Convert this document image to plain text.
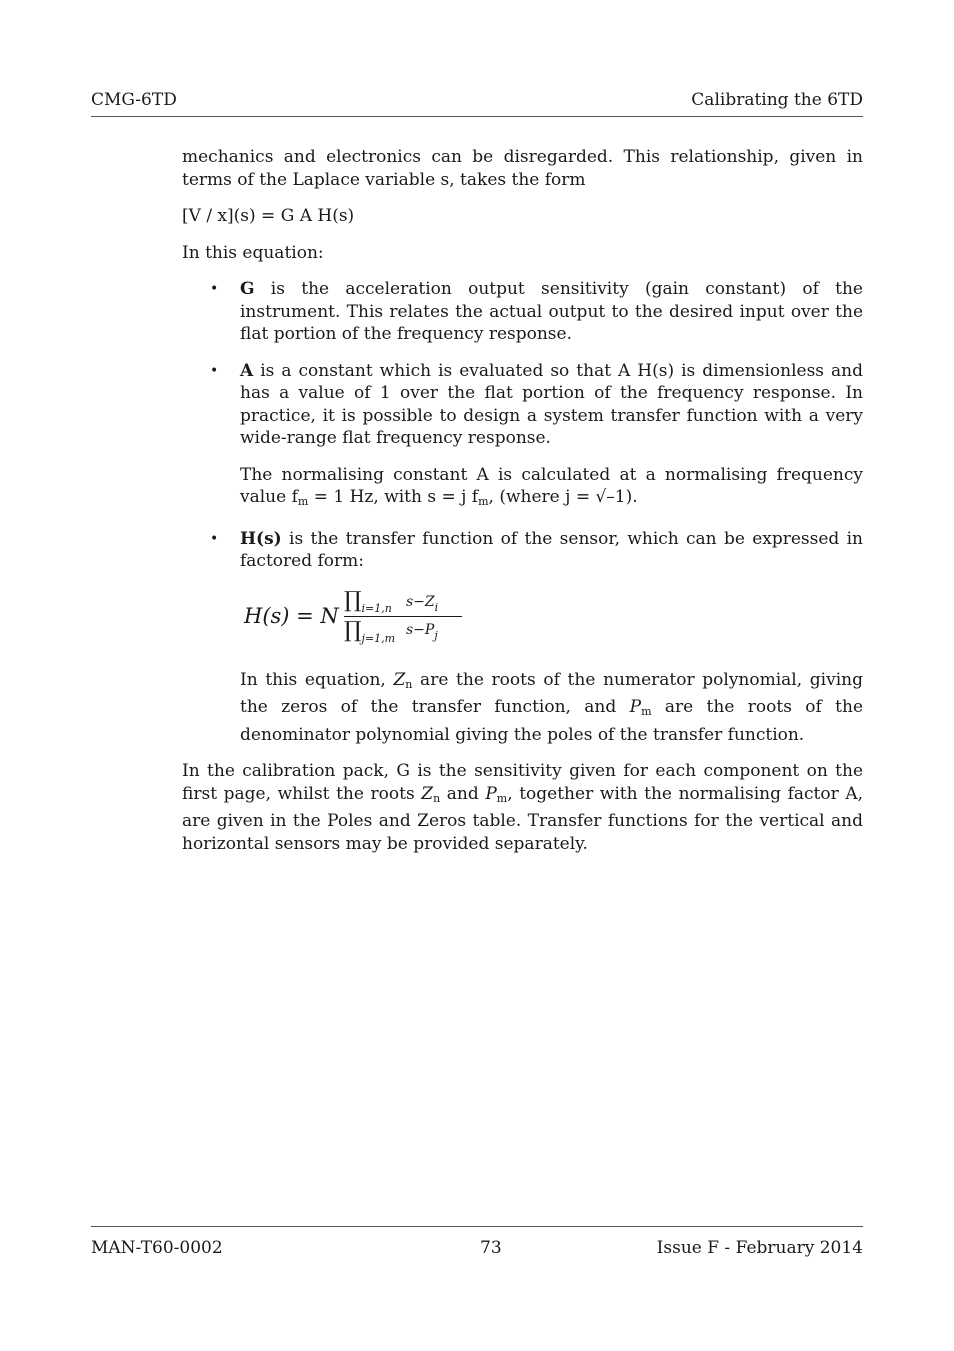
CMG-6TD	Calibrating the 6TD

mechanics and electronics can be disregarded. This relationship, given in terms of the Laplace variable s, takes the form

[V / x](s) = G A H(s)

In this equation:

• G is the acceleration output sensitivity (gain constant) of the instrument. This relates the actual output to the desired input over the flat portion of the frequency response.

• A is a constant which is evaluated so that A H(s) is dimensionless and has a value of 1 over the flat portion of the frequency response. In practice, it is possible to design a system transfer function with a very wide-range flat frequency response.

The normalising constant A is calculated at a normalising frequency value $f_m = 1$ Hz, with s = j $f_m$, (where j = √–1).

• H(s) is the transfer function of the sensor, which can be expressed in factored form:

H(s) = N
$\prod_{i=1,n}$ $s-Z_i$
$\prod_{j=1,m}$
$s-P_j$

In this equation, $Z_n$ are the roots of the numerator polynomial, giving the zeros of the transfer function, and $P_m$ are the roots of the denominator polynomial giving the poles of the transfer function.

In the calibration pack, G is the sensitivity given for each component on the first page, whilst the roots $Z_n$ and $P_m$, together with the normalising factor A, are given in the Poles and Zeros table. Transfer functions for the vertical and horizontal sensors may be provided separately.

MAN-T60-0002	73	Issue F - February 2014
